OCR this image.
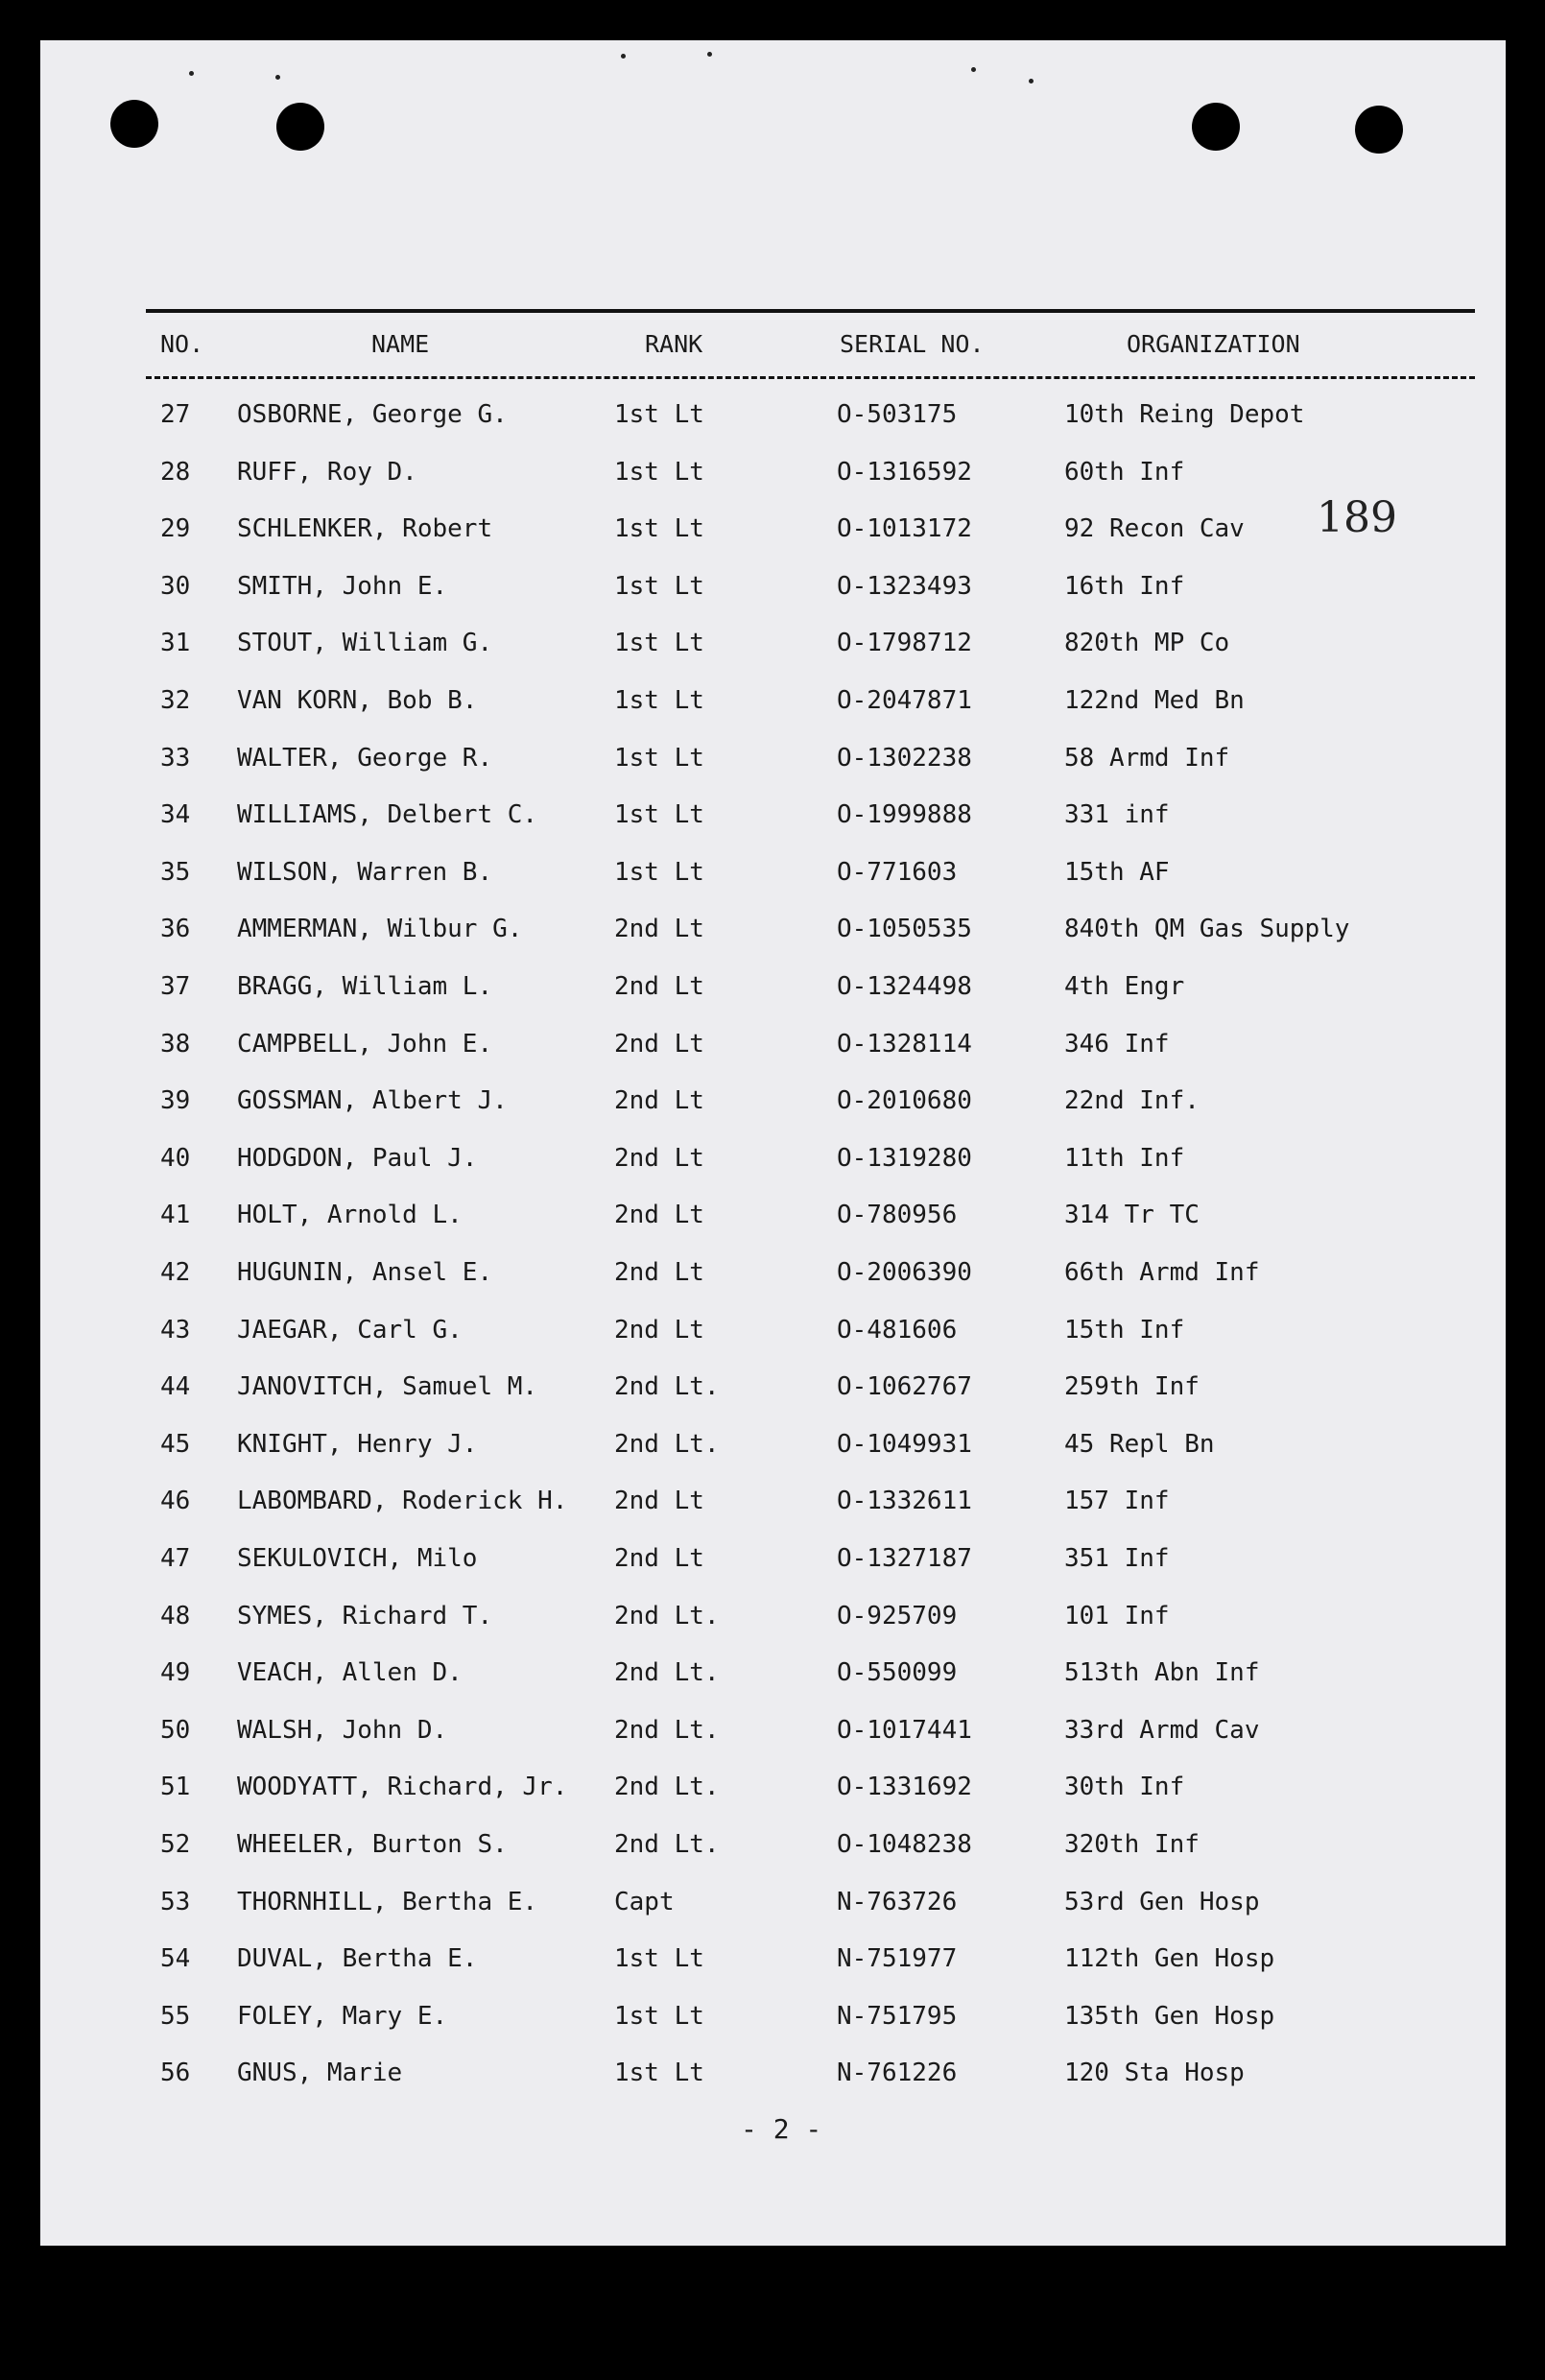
NO.	NAME	RANK	SERIAL NO.	ORGANIZATION
189
27 OSBORNE, George G.	1st Lt	O-503175	10th Reing Depot
28 RUFF, Roy D.	1st Lt	O-1316592	60th Inf
29 SCHLENKER, Robert	1st Lt	O-1013172	92 Recon Cav
30 SMITH, John E.	1st Lt	O-1323493	16th Inf
31 STOUT, William G.	1st Lt	O-1798712	820th MP Co
32 VAN KORN, Bob B.	1st Lt	O-2047871	122nd Med Bn
33 WALTER, George R.	1st Lt	O-1302238	58 Armd Inf
34 WILLIAMS, Delbert C.	1st Lt	O-1999888	331 inf
35 WILSON, Warren B.	1st Lt	O-771603	15th AF
36 AMMERMAN, Wilbur G.	2nd Lt	O-1050535	840th QM Gas Supply
37 BRAGG, William L.	2nd Lt	O-1324498	4th Engr
38 CAMPBELL, John E.	2nd Lt	O-1328114	346 Inf
39 GOSSMAN, Albert J.	2nd Lt	O-2010680	22nd Inf.
40 HODGDON, Paul J.	2nd Lt	O-1319280	11th Inf
41 HOLT, Arnold L.	2nd Lt	O-780956	314 Tr TC
42 HUGUNIN, Ansel E.	2nd Lt	O-2006390	66th Armd Inf
43 JAEGAR, Carl G.	2nd Lt	O-481606	15th Inf
44 JANOVITCH, Samuel M.	2nd Lt.	O-1062767	259th Inf
45 KNIGHT, Henry J.	2nd Lt.	O-1049931	45 Repl Bn
46 LABOMBARD, Roderick H. 2nd Lt	O-1332611	157 Inf
47 SEKULOVICH, Milo	2nd Lt	O-1327187	351 Inf
48 SYMES, Richard T.	2nd Lt.	O-925709	101 Inf
49 VEACH, Allen D.	2nd Lt.	O-550099	513th Abn Inf
50 WALSH, John D.	2nd Lt.	O-1017441	33rd Armd Cav
51 WOODYATT, Richard, Jr. 2nd Lt.	O-1331692	30th Inf
52 WHEELER, Burton S.	2nd Lt.	O-1048238	320th Inf
53 THORNHILL, Bertha E.	Capt	N-763726	53rd Gen Hosp
54 DUVAL, Bertha E.	1st Lt	N-751977	112th Gen Hosp
55 FOLEY, Mary E.	1st Lt	N-751795	135th Gen Hosp
56 GNUS, Marie	1st Lt	N-761226	120 Sta Hosp
- 2 -
